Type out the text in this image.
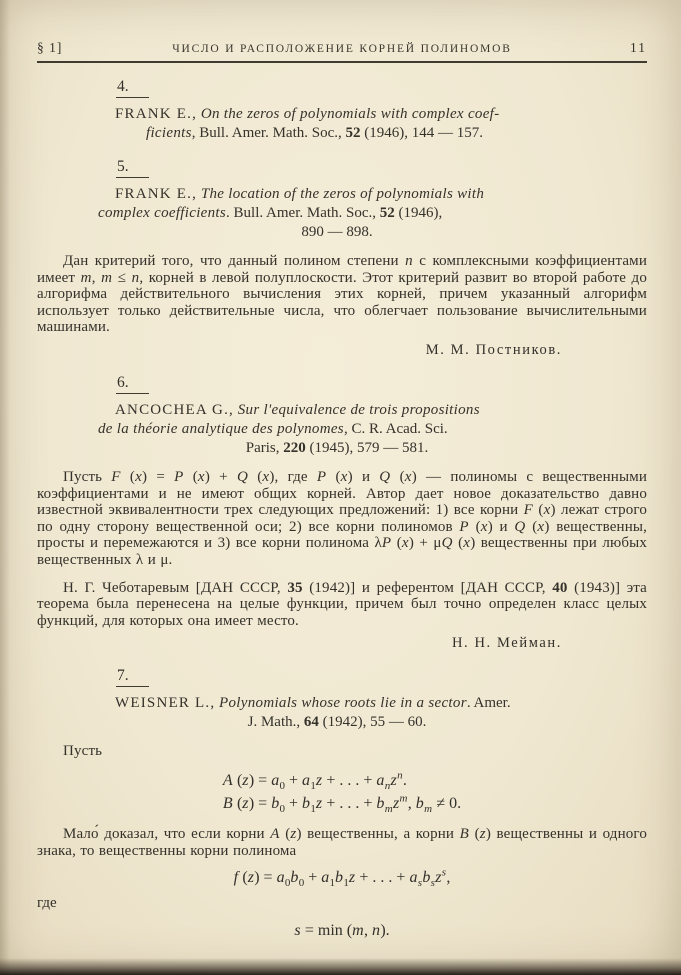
§ 1]	ЧИСЛО И РАСПОЛОЖЕНИЕ КОРНЕЙ ПОЛИНОМОВ	11
4.
FRANK E., On the zeros of polynomials with complex coef-
ficients, Bull. Amer. Math. Soc., 52 (1946), 144 — 157.
5.
FRANK E., The location of the zeros of polynomials with
complex coefficients. Bull. Amer. Math. Soc., 52 (1946),
890 — 898.

Дан критерий того, что данный полином степени n с комплексными коэффициентами имеет m, m ≤ n, корней в левой полуплоскости. Этот критерий развит во второй работе до алгорифма действительного вычисления этих корней, причем указанный алгорифм использует только действительные числа, что облегчает пользование вычислительными машинами.

М. М. Постников.
6.
ANCOCHEA G., Sur l'equivalence de trois propositions
de la théorie analytique des polynomes, C. R. Acad. Sci.
Paris, 220 (1945), 579 — 581.

Пусть F (x) = P (x) + Q (x), где P (x) и Q (x) — полиномы с вещественными коэффициентами и не имеют общих корней. Автор дает новое доказательство давно известной эквивалентности трех следующих предложений: 1) все корни F (x) лежат строго по одну сторону вещественной оси; 2) все корни полиномов P (x) и Q (x) вещественны, просты и перемежаются и 3) все корни полинома λP (x) + μQ (x) вещественны при любых вещественных λ и μ.

Н. Г. Чеботаревым [ДАН СССР, 35 (1942)] и референтом [ДАН СССР, 40 (1943)] эта теорема была перенесена на целые функции, причем был точно определен класс целых функций, для которых она имеет место.

Н. Н. Мейман.
7.
WEISNER L., Polynomials whose roots lie in a sector. Amer.
J. Math., 64 (1942), 55 — 60.

Пусть

A $(z) = a_0 + a_1z$ + . . . + $a_nz^n$.
B $(z) = b_0 + b_1z$ + . . . + $b_mz^m$, $b_m \ne 0$.

Мало́ доказал, что если корни A (z) вещественны, а корни B (z) вещественны и одного знака, то вещественны корни полинома

f $(z) = a_0b_0 + a_1b_1z$ + . . . + $a_sb_sz^s$,
где
s = min (m, n).
